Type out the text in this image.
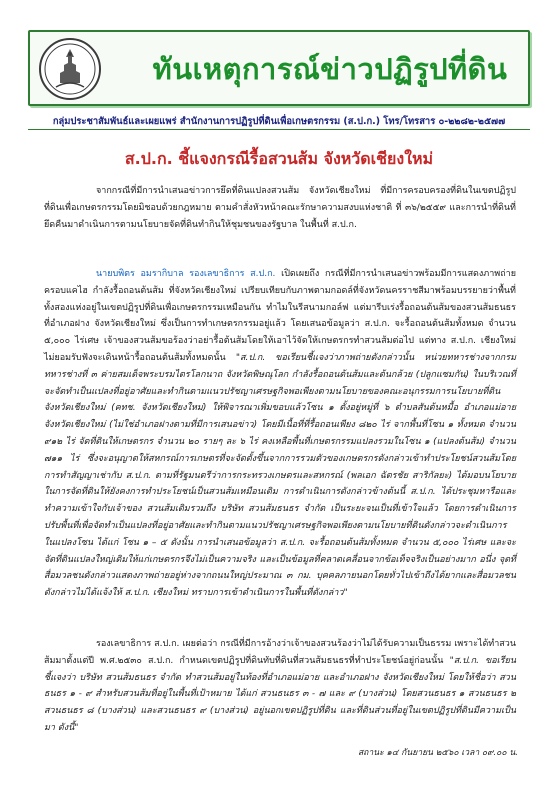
ทันเหตุการณ์ข่าวปฏิรูปที่ดิน
กลุ่มประชาสัมพันธ์และเผยแพร่ สำนักงานการปฏิรูปที่ดินเพื่อเกษตรกรรม (ส.ป.ก.) โทร/โทรสาร ๐-๒๒๘๒-๒๕๗๗
ส.ป.ก. ชี้แจงกรณีรื้อสวนส้ม จังหวัดเชียงใหม่
จากกรณีที่มีการนำเสนอข่าวการยึดที่ดินแปลงสวนส้ม จังหวัดเชียงใหม่ ที่มีการครอบครองที่ดินในเขตปฏิรูปที่ดินเพื่อเกษตรกรรมโดยมิชอบด้วยกฎหมาย ตามคำสั่งหัวหน้าคณะรักษาความสงบแห่งชาติ ที่ ๓๖/๒๕๕๙ และการนำที่ดินที่ยึดคืนมาดำเนินการตามนโยบายจัดที่ดินทำกินให้ชุมชนของรัฐบาล ในพื้นที่ ส.ป.ก.
นายบพิตร อมรากิบาล รองเลขาธิการ ส.ป.ก. เปิดเผยถึง กรณีที่มีการนำเสนอข่าวพร้อมมีการแสดงภาพถ่ายครอบแคไฮ กำลังรื้อถอนต้นส้ม ที่จังหวัดเชียงใหม่ เปรียบเทียบกับภาพตามกอดล์ที่จังหวัดนครราชสีมาพร้อมบรรยายว่าพื้นที่ทั้งสองแห่งอยู่ในเขตปฏิรูปที่ดินเพื่อเกษตรกรรมเหมือนกัน ทำไมในรีสนามกอล์ฟ แต่มารีบเร่งรื้อถอนต้นส้มของสวนส้มธนธร ที่อำเภอฝาง จังหวัดเชียงใหม่ ซึ่งเป็นการทำเกษตรกรรมอยู่แล้ว โดยเสนอข้อมูลว่า ส.ป.ก. จะรื้อถอนต้นส้มทั้งหมด จำนวน ๕,๐๐๐ ไร่เศษ เจ้าของสวนส้มขอร้องว่าอย่ารื้อต้นส้มโดยให้เอาไว้จัดให้เกษตรกรทำสวนส้มต่อไป แต่ทาง ส.ป.ก. เชียงใหม่ ไม่ยอมรับฟังจะเดินหน้ารื้อถอนต้นส้มทั้งหมดนั้น "ส.ป.ก. ขอเรียนชี้แจงว่าภาพถ่ายดังกล่าวนั้น หน่วยทหารช่างจากกรมทหารช่างที่ ๓ ค่ายสมเด็จพระบรมไตรโลกนาถ จังหวัดพิษณุโลก กำลังรื้อถอนต้นส้มและต้นกล้วย (ปลูกแซมกัน) ในบริเวณที่จะจัดทำเป็นแปลงที่อยู่อาศัยและทำกินตามแนวปรัชญาเศรษฐกิจพอเพียงตามนโยบายของคณะอนุกรรมการนโยบายที่ดินจังหวัดเชียงใหม่ (คทช. จังหวัดเชียงใหม่) ให้พิจารณาเพิ่มขอบแล้วโซน ๑ ตั้งอยู่หมู่ที่ ๖ ตำบลสันต้นหมื้อ อำเภอแม่อาย จังหวัดเชียงใหม่ (ไม่ใช่อำเภอฝางตามที่มีการเสนอข่าว) โดยมีเนื้อที่ที่รื้อถอนเพียง ๘๒๐ ไร่ จากพื้นที่โซน ๑ ทั้งหมด จำนวน ๙๑๒ ไร่ จัดที่ดินให้เกษตรกร จำนวน ๒๐ รายๆ ละ ๖ ไร่ คงเหลือพื้นที่เกษตรกรรมแปลงรวมในโซน ๑ (แปลงต้นส้ม) จำนวน ๗๑๑ ไร่ ซึ่งจะอนุญาตให้สหกรณ์การเกษตรที่จะจัดตั้งขึ้นจากการรวมตัวของเกษตรกรดังกล่าวเข้าทำประโยชน์สวนส้มโดยการทำสัญญาเช่ากับ ส.ป.ก. ตามที่รัฐมนตรีว่าการกระทรวงเกษตรและสหกรณ์ (พลเอก ฉัตรชัย สาริกัลยะ) ได้มอบนโยบายในการจัดที่ดินให้ยังคงการทำประโยชน์เป็นสวนส้มเหมือนเดิม การดำเนินการดังกล่าวข้างต้นนี้ ส.ป.ก. ได้ประชุมหารือและทำความเข้าใจกับเจ้าของ สวนส้มเดิมรวมถึง บริษัท สวนส้มธนธร จำกัด เป็นระยะจนเป็นที่เข้าใจแล้ว โดยการดำเนินการปรับพื้นที่เพื่อจัดทำเป็นแปลงที่อยู่อาศัยและทำกินตามแนวปรัชญาเศรษฐกิจพอเพียงตามนโยบายที่ดินดังกล่าวจะดำเนินการในแปลงโซน ได้แก่ โซน ๑ – ๕ ดังนั้น การนำเสนอข้อมูลว่า ส.ป.ก. จะรื้อถอนต้นส้มทั้งหมด จำนวน ๕,๐๐๐ ไร่เศษ และจะจัดที่ดินแปลงใหญ่เดิมให้แก่เกษตรกรจึงไม่เป็นความจริง และเป็นข้อมูลที่คลาดเคลื่อนจากข้อเท็จจริงเป็นอย่างมาก อนึ่ง จุดที่สื่อมวลชนดังกล่าวแสดงภาพถ่ายอยู่ห่างจากถนนใหญ่ประมาณ ๓ กม. บุคคลภายนอกโดยทั่วไปเข้าถึงได้ยากและสื่อมวลชนดังกล่าวไม่ได้แจ้งให้ ส.ป.ก. เชียงใหม่ ทราบการเข้าดำเนินการในพื้นที่ดังกล่าว"
รองเลขาธิการ ส.ป.ก. เผยต่อว่า กรณีที่มีการอ้างว่าเจ้าของสวนร้องว่าไม่ได้รับความเป็นธรรม เพราะได้ทำสวนส้มมาตั้งแต่ปี พ.ศ.๒๕๓๐ ส.ป.ก. กำหนดเขตปฏิรูปที่ดินทับที่ดินที่สวนส้มธนธรที่ทำประโยชน์อยู่ก่อนนั้น "ส.ป.ก. ขอเรียนชี้แจงว่า บริษัท สวนส้มธนธร จำกัด ทำสวนส้มอยู่ในท้องที่อำเภอแม่อาย และอำเภอฝาง จังหวัดเชียงใหม่ โดยให้ชื่อว่า สวนธนธร ๑ - ๙ สำหรับสวนส้มที่อยู่ในพื้นที่เป้าหมาย ได้แก่ สวนธนธร ๓ - ๗ และ ๙ (บางส่วน) โดยสวนธนธร ๑ สวนธนธร ๒ สวนธนธร ๘ (บางส่วน) และสวนธนธร ๙ (บางส่วน) อยู่นอกเขตปฏิรูปที่ดิน และที่ดินส่วนที่อยู่ในเขตปฏิรูปที่ดินมีความเป็นมา ดังนี้"
สถานะ ๑๔ กันยายน ๒๕๖๐ เวลา ๐๙.๐๐ น.
